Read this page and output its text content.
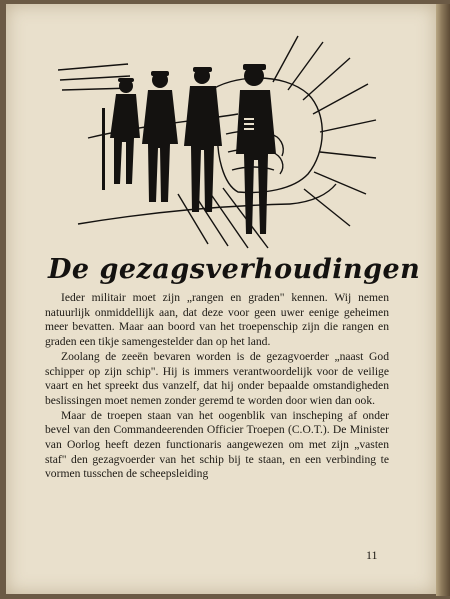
De gezagsverhoudingen

Ieder militair moet zijn „rangen en graden" kennen. Wij nemen natuurlijk onmiddellijk aan, dat deze voor geen uwer eenige geheimen meer bevatten. Maar aan boord van het troepenschip zijn die rangen en graden een tikje samengestelder dan op het land.

Zoolang de zeeën bevaren worden is de gezagvoerder „naast God schipper op zijn schip". Hij is immers verantwoordelijk voor de veilige vaart en het spreekt dus vanzelf, dat hij onder bepaalde omstandigheden beslissingen moet nemen zonder geremd te worden door wien dan ook.

Maar de troepen staan van het oogenblik van inscheping af onder bevel van den Commandeerenden Officier Troepen (C.O.T.). De Minister van Oorlog heeft dezen functionaris aangewezen om met zijn „vasten staf" den gezagvoerder van het schip bij te staan, en een verbinding te vormen tusschen de scheepsleiding

11
